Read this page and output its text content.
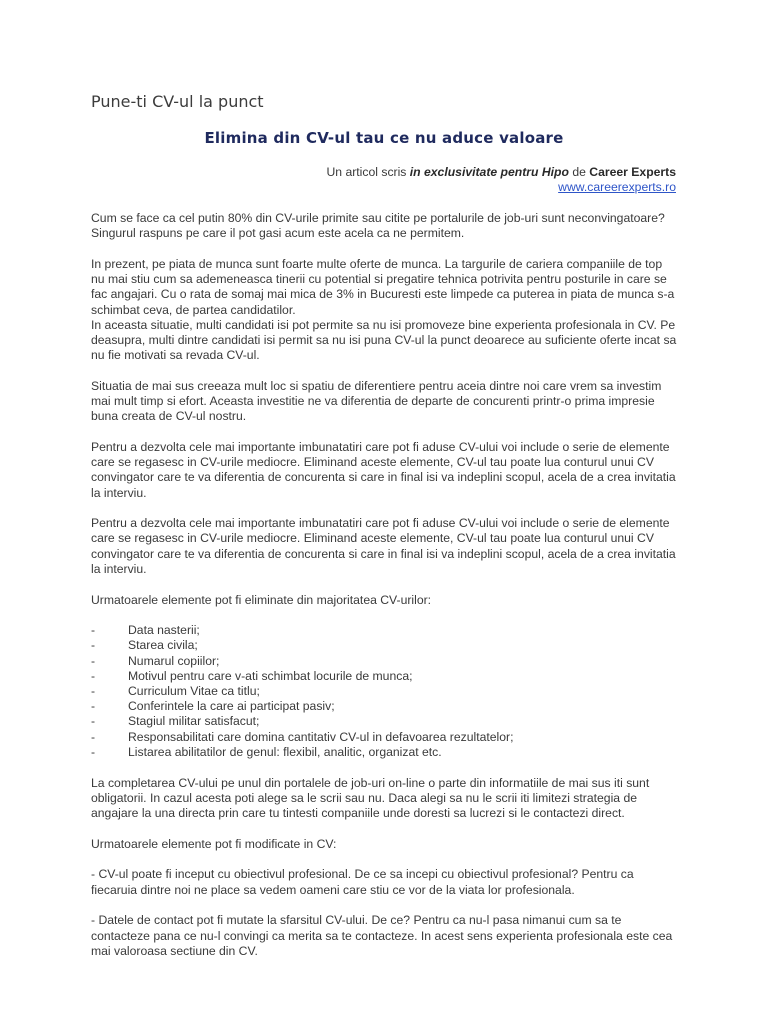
Pune-ti CV-ul la punct
Elimina din CV-ul tau ce nu aduce valoare
Un articol scris in exclusivitate pentru Hipo de Career Experts
www.careerexperts.ro

Cum se face ca cel putin 80% din CV-urile primite sau citite pe portalurile de job-uri sunt neconvingatoare? Singurul raspuns pe care il pot gasi acum este acela ca ne permitem.

In prezent, pe piata de munca sunt foarte multe oferte de munca. La targurile de cariera companiile de top nu mai stiu cum sa ademeneasca tinerii cu potential si pregatire tehnica potrivita pentru posturile in care se fac angajari. Cu o rata de somaj mai mica de 3% in Bucuresti este limpede ca puterea in piata de munca s-a schimbat ceva, de partea candidatilor.

In aceasta situatie, multi candidati isi pot permite sa nu isi promoveze bine experienta profesionala in CV. Pe deasupra, multi dintre candidati isi permit sa nu isi puna CV-ul la punct deoarece au suficiente oferte incat sa nu fie motivati sa revada CV-ul.

Situatia de mai sus creeaza mult loc si spatiu de diferentiere pentru aceia dintre noi care vrem sa investim mai mult timp si efort. Aceasta investitie ne va diferentia de departe de concurenti printr-o prima impresie buna creata de CV-ul nostru.

Pentru a dezvolta cele mai importante imbunatatiri care pot fi aduse CV-ului voi include o serie de elemente care se regasesc in CV-urile mediocre. Eliminand aceste elemente, CV-ul tau poate lua conturul unui CV convingator care te va diferentia de concurenta si care in final isi va indeplini scopul, acela de a crea invitatia la interviu.

Pentru a dezvolta cele mai importante imbunatatiri care pot fi aduse CV-ului voi include o serie de elemente care se regasesc in CV-urile mediocre. Eliminand aceste elemente, CV-ul tau poate lua conturul unui CV convingator care te va diferentia de concurenta si care in final isi va indeplini scopul, acela de a crea invitatia la interviu.

Urmatoarele elemente pot fi eliminate din majoritatea CV-urilor:

-	Data nasterii;
-	Starea civila;
-	Numarul copiilor;
-	Motivul pentru care v-ati schimbat locurile de munca;
-	Curriculum Vitae ca titlu;
-	Conferintele la care ai participat pasiv;
-	Stagiul militar satisfacut;
-	Responsabilitati care domina cantitativ CV-ul in defavoarea rezultatelor;
-	Listarea abilitatilor de genul: flexibil, analitic, organizat etc.

La completarea CV-ului pe unul din portalele de job-uri on-line o parte din informatiile de mai sus iti sunt obligatorii. In cazul acesta poti alege sa le scrii sau nu. Daca alegi sa nu le scrii iti limitezi strategia de angajare la una directa prin care tu tintesti companiile unde doresti sa lucrezi si le contactezi direct.

Urmatoarele elemente pot fi modificate in CV:

- CV-ul poate fi inceput cu obiectivul profesional. De ce sa incepi cu obiectivul profesional? Pentru ca fiecaruia dintre noi ne place sa vedem oameni care stiu ce vor de la viata lor profesionala.

- Datele de contact pot fi mutate la sfarsitul CV-ului. De ce? Pentru ca nu-l pasa nimanui cum sa te contacteze pana ce nu-l convingi ca merita sa te contacteze. In acest sens experienta profesionala este cea mai valoroasa sectiune din CV.
